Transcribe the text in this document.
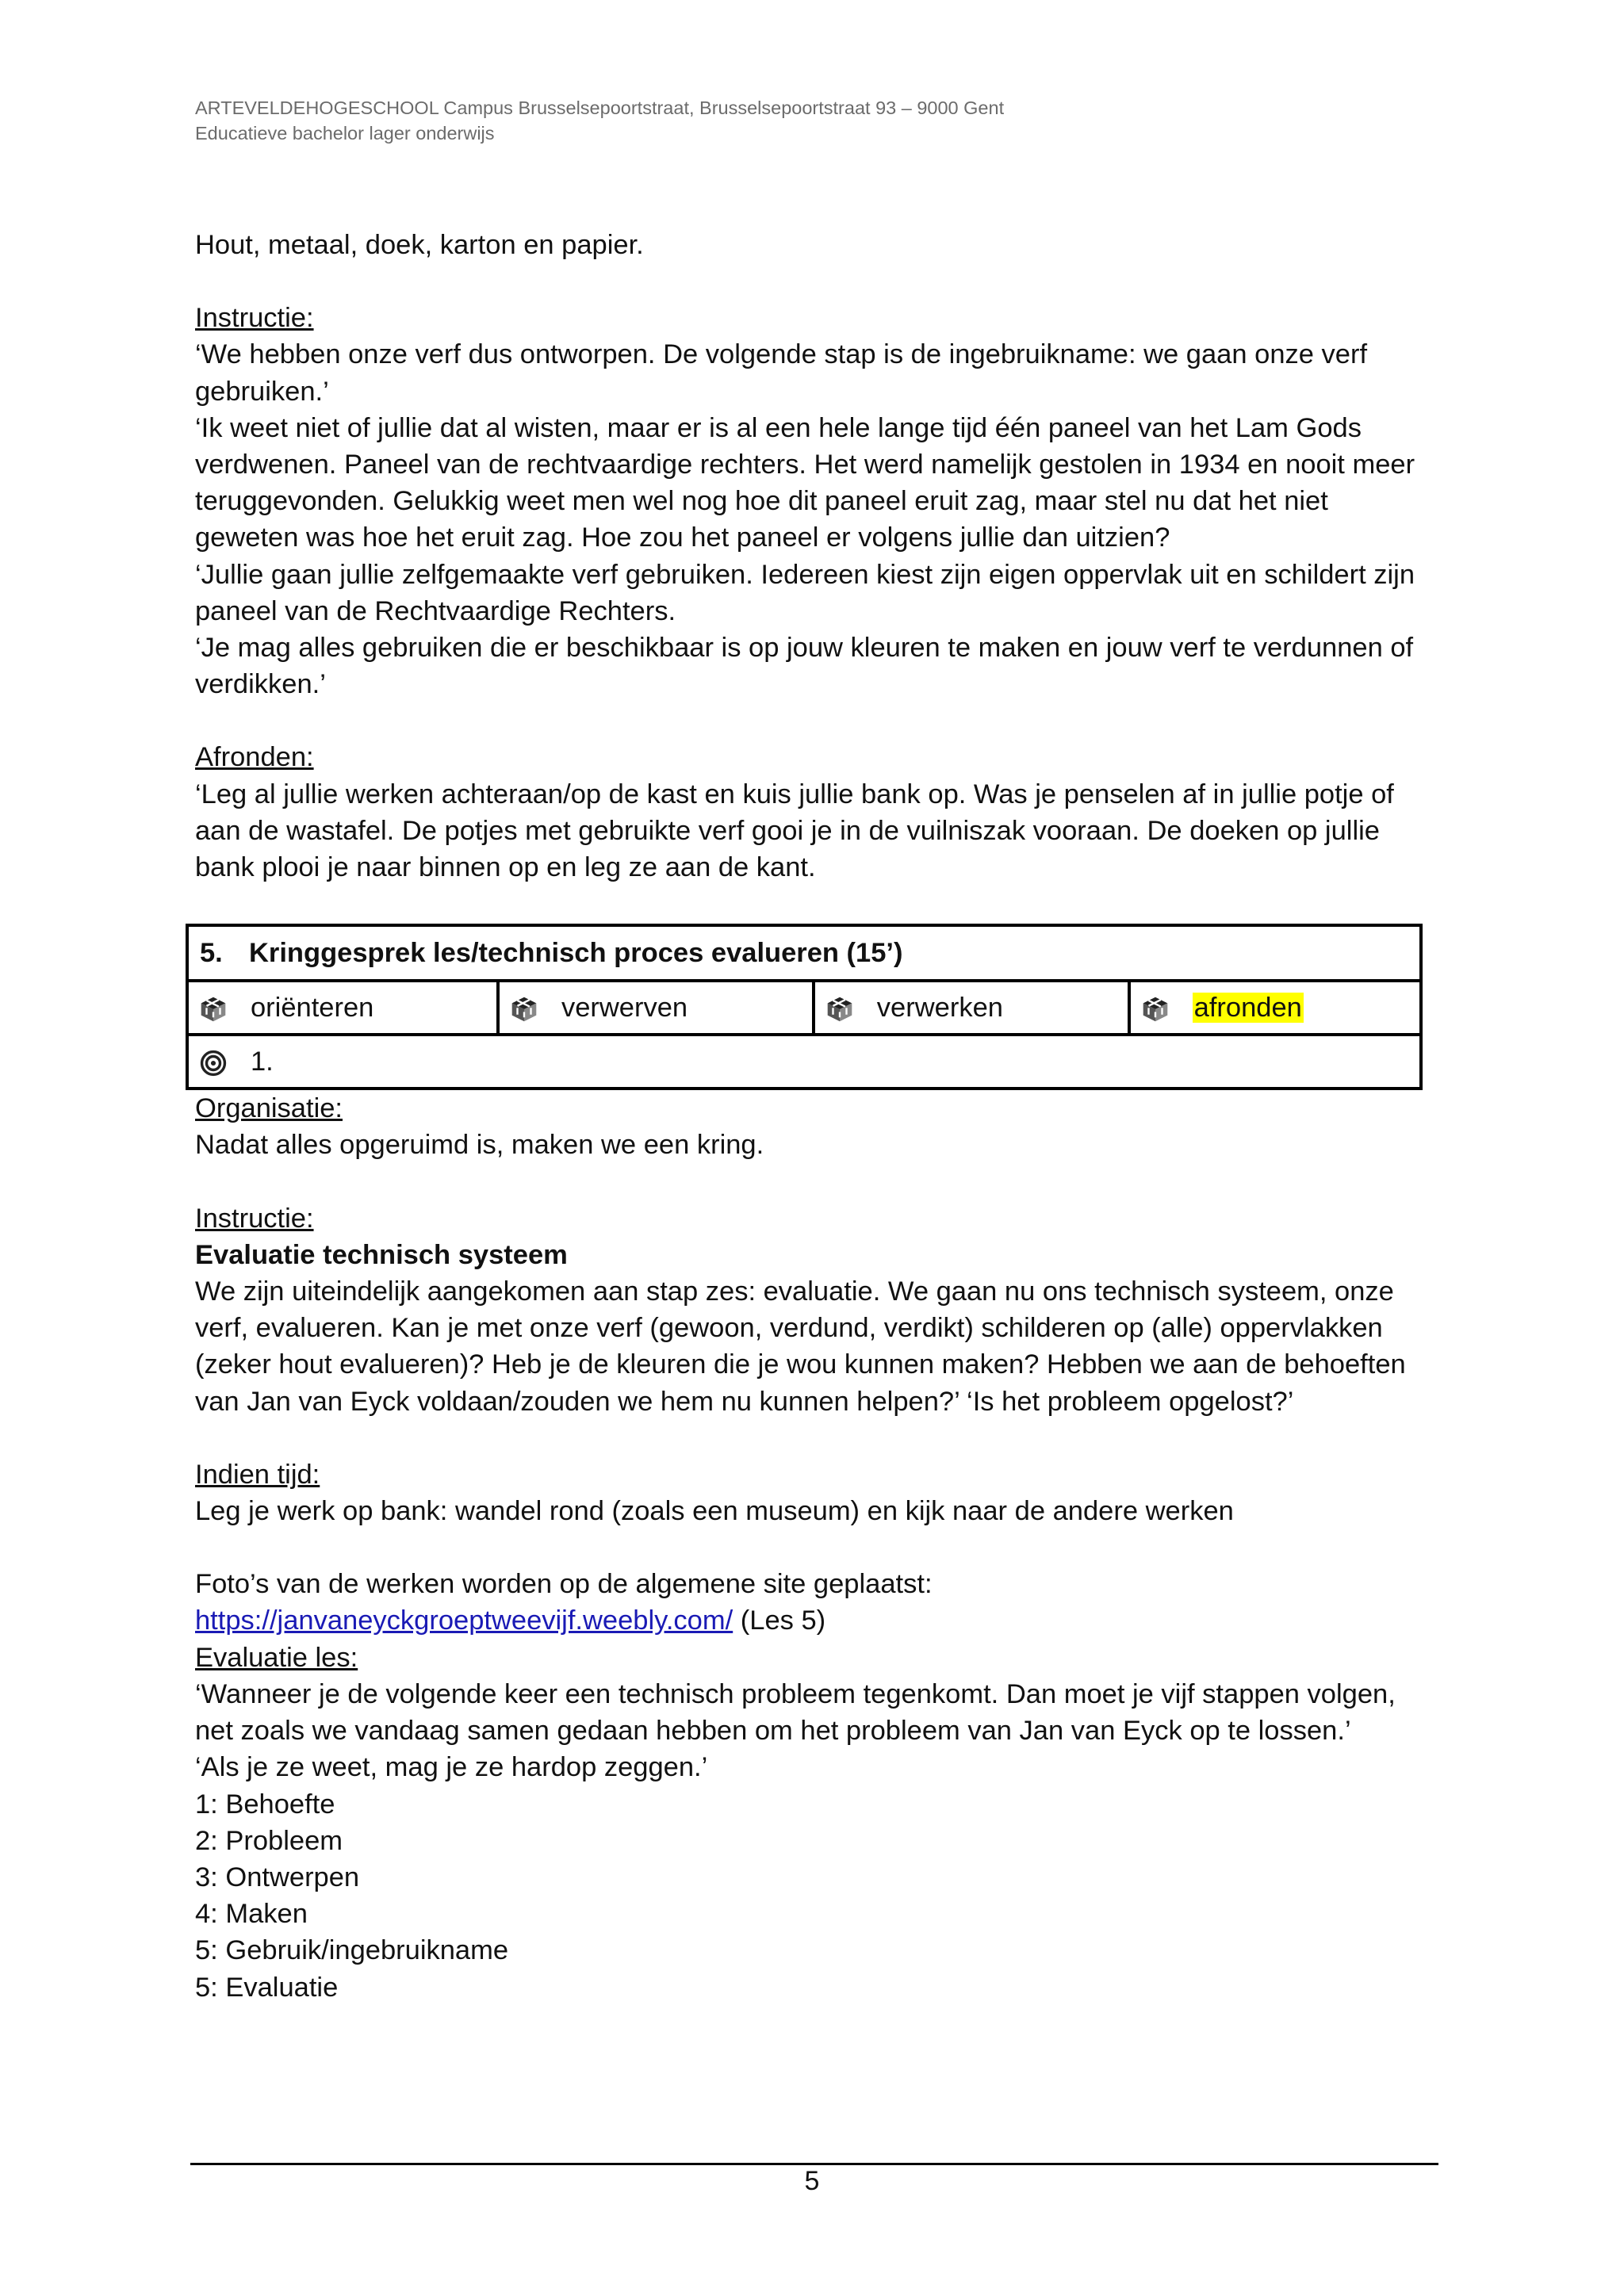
ARTEVELDEHOGESCHOOL Campus Brusselsepoortstraat, Brusselsepoortstraat 93 – 9000 Gent
Educatieve bachelor lager onderwijs

Hout, metaal, doek, karton en papier.

Instructie:

‘We hebben onze verf dus ontworpen. De volgende stap is de ingebruikname: we gaan onze verf

gebruiken.’

‘Ik weet niet of jullie dat al wisten, maar er is al een hele lange tijd één paneel van het Lam Gods

verdwenen. Paneel van de rechtvaardige rechters. Het werd namelijk gestolen in 1934 en nooit meer

teruggevonden. Gelukkig weet men wel nog hoe dit paneel eruit zag, maar stel nu dat het niet

geweten was hoe het eruit zag. Hoe zou het paneel er volgens jullie dan uitzien?

‘Jullie gaan jullie zelfgemaakte verf gebruiken. Iedereen kiest zijn eigen oppervlak uit en schildert zijn

paneel van de Rechtvaardige Rechters.

‘Je mag alles gebruiken die er beschikbaar is op jouw kleuren te maken en jouw verf te verdunnen of

verdikken.’

Afronden:

‘Leg al jullie werken achteraan/op de kast en kuis jullie bank op. Was je penselen af in jullie potje of

aan de wastafel. De potjes met gebruikte verf gooi je in de vuilniszak vooraan. De doeken op jullie

bank plooi je naar binnen op en leg ze aan de kant.

5. Kringgesprek les/technisch proces evalueren (15’)
oriënteren	verwerven	verwerken	afronden
1.

Organisatie:

Nadat alles opgeruimd is, maken we een kring.

Instructie:

Evaluatie technisch systeem

We zijn uiteindelijk aangekomen aan stap zes: evaluatie. We gaan nu ons technisch systeem, onze

verf, evalueren. Kan je met onze verf (gewoon, verdund, verdikt) schilderen op (alle) oppervlakken

(zeker hout evalueren)? Heb je de kleuren die je wou kunnen maken? Hebben we aan de behoeften

van Jan van Eyck voldaan/zouden we hem nu kunnen helpen?’ ‘Is het probleem opgelost?’

Indien tijd:

Leg je werk op bank: wandel rond (zoals een museum) en kijk naar de andere werken

Foto’s van de werken worden op de algemene site geplaatst:

https://janvaneyckgroeptweevijf.weebly.com/ (Les 5)

Evaluatie les:

‘Wanneer je de volgende keer een technisch probleem tegenkomt. Dan moet je vijf stappen volgen,

net zoals we vandaag samen gedaan hebben om het probleem van Jan van Eyck op te lossen.’

‘Als je ze weet, mag je ze hardop zeggen.’

1: Behoefte

2: Probleem

3: Ontwerpen

4: Maken

5: Gebruik/ingebruikname

5: Evaluatie

5
